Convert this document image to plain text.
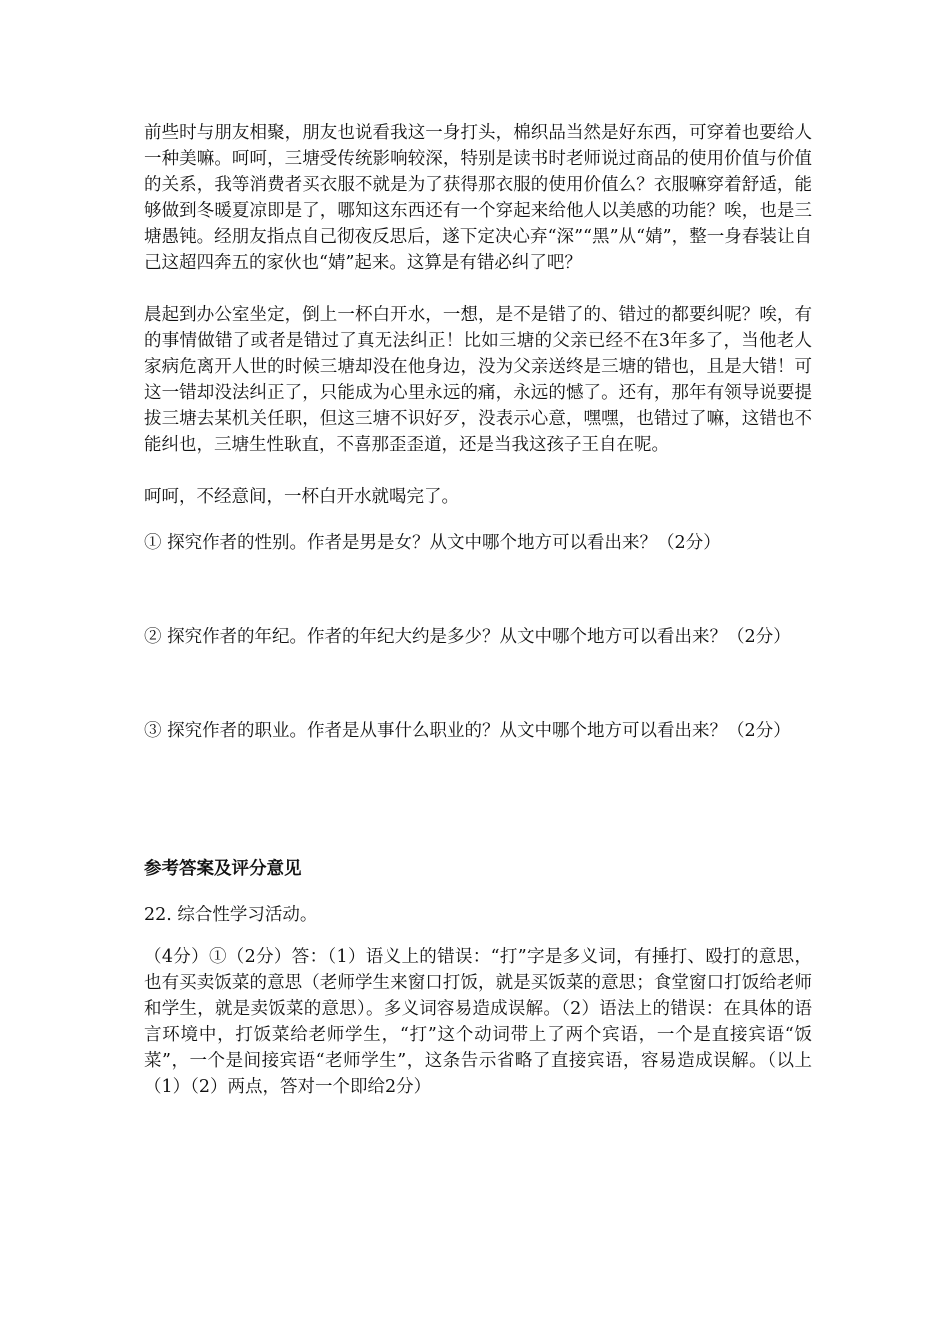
前些时与朋友相聚，朋友也说看我这一身打头，棉织品当然是好东西，可穿着也要给人一种美嘛。呵呵，三塘受传统影响较深，特别是读书时老师说过商品的使用价值与价值的关系，我等消费者买衣服不就是为了获得那衣服的使用价值么？衣服嘛穿着舒适，能够做到冬暖夏凉即是了，哪知这东西还有一个穿起来给他人以美感的功能？唉，也是三塘愚钝。经朋友指点自己彻夜反思后，遂下定决心弃“深”“黑”从“婧”，整一身春装让自己这超四奔五的家伙也“婧”起来。这算是有错必纠了吧？

晨起到办公室坐定，倒上一杯白开水，一想，是不是错了的、错过的都要纠呢？唉，有的事情做错了或者是错过了真无法纠正！比如三塘的父亲已经不在3年多了，当他老人家病危离开人世的时候三塘却没在他身边，没为父亲送终是三塘的错也，且是大错！可这一错却没法纠正了，只能成为心里永远的痛，永远的憾了。还有，那年有领导说要提拔三塘去某机关任职，但这三塘不识好歹，没表示心意，嘿嘿，也错过了嘛，这错也不能纠也，三塘生性耿直，不喜那歪歪道，还是当我这孩子王自在呢。

呵呵，不经意间，一杯白开水就喝完了。

① 探究作者的性别。作者是男是女？从文中哪个地方可以看出来？（2分）

② 探究作者的年纪。作者的年纪大约是多少？从文中哪个地方可以看出来？（2分）

③ 探究作者的职业。作者是从事什么职业的？从文中哪个地方可以看出来？（2分）

参考答案及评分意见

22. 综合性学习活动。

（4分）①（2分）答：（1）语义上的错误：“打”字是多义词，有捶打、殴打的意思，也有买卖饭菜的意思（老师学生来窗口打饭，就是买饭菜的意思；食堂窗口打饭给老师和学生，就是卖饭菜的意思）。多义词容易造成误解。（2）语法上的错误：在具体的语言环境中，打饭菜给老师学生，“打”这个动词带上了两个宾语，一个是直接宾语“饭菜”，一个是间接宾语“老师学生”，这条告示省略了直接宾语，容易造成误解。（以上（1）（2）两点，答对一个即给2分）
